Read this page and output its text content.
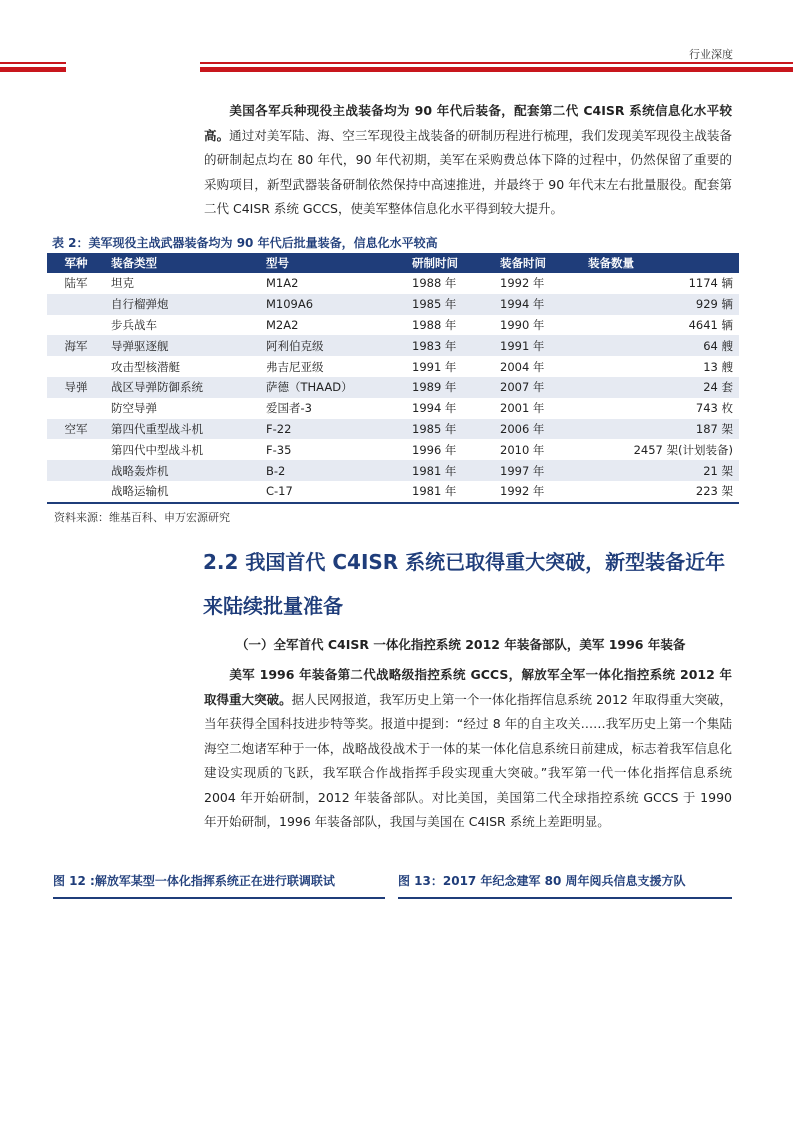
行业深度

美国各军兵种现役主战装备均为 90 年代后装备，配套第二代 C4ISR 系统信息化水平较高。通过对美军陆、海、空三军现役主战装备的研制历程进行梳理，我们发现美军现役主战装备的研制起点均在 80 年代，90 年代初期，美军在采购费总体下降的过程中，仍然保留了重要的采购项目，新型武器装备研制依然保持中高速推进，并最终于 90 年代末左右批量服役。配套第二代 C4ISR 系统 GCCS，使美军整体信息化水平得到较大提升。

表 2：美军现役主战武器装备均为 90 年代后批量装备，信息化水平较高
军种	装备类型	型号	研制时间	装备时间	装备数量
陆军	坦克	M1A2	1988 年	1992 年	1174 辆
	自行榴弹炮	M109A6	1985 年	1994 年	929 辆
	步兵战车	M2A2	1988 年	1990 年	4641 辆
海军	导弹驱逐舰	阿利伯克级	1983 年	1991 年	64 艘
	攻击型核潜艇	弗吉尼亚级	1991 年	2004 年	13 艘
导弹	战区导弹防御系统	萨德（THAAD）	1989 年	2007 年	24 套
	防空导弹	爱国者-3	1994 年	2001 年	743 枚
空军	第四代重型战斗机	F-22	1985 年	2006 年	187 架
	第四代中型战斗机	F-35	1996 年	2010 年	2457 架(计划装备)
	战略轰炸机	B-2	1981 年	1997 年	21 架
	战略运输机	C-17	1981 年	1992 年	223 架
资料来源：维基百科、申万宏源研究
2.2 我国首代 C4ISR 系统已取得重大突破，新型装备近年来陆续批量准备
（一）全军首代 C4ISR 一体化指控系统 2012 年装备部队，美军 1996 年装备

美军 1996 年装备第二代战略级指控系统 GCCS，解放军全军一体化指控系统 2012 年取得重大突破。据人民网报道，我军历史上第一个一体化指挥信息系统 2012 年取得重大突破，当年获得全国科技进步特等奖。报道中提到：“经过 8 年的自主攻关……我军历史上第一个集陆海空二炮诸军种于一体，战略战役战术于一体的某一体化信息系统日前建成，标志着我军信息化建设实现质的飞跃，我军联合作战指挥手段实现重大突破。”我军第一代一体化指挥信息系统 2004 年开始研制，2012 年装备部队。对比美国，美国第二代全球指控系统 GCCS 于 1990 年开始研制，1996 年装备部队，我国与美国在 C4ISR 系统上差距明显。

图 12 :解放军某型一体化指挥系统正在进行联调联试	图 13：2017 年纪念建军 80 周年阅兵信息支援方队
